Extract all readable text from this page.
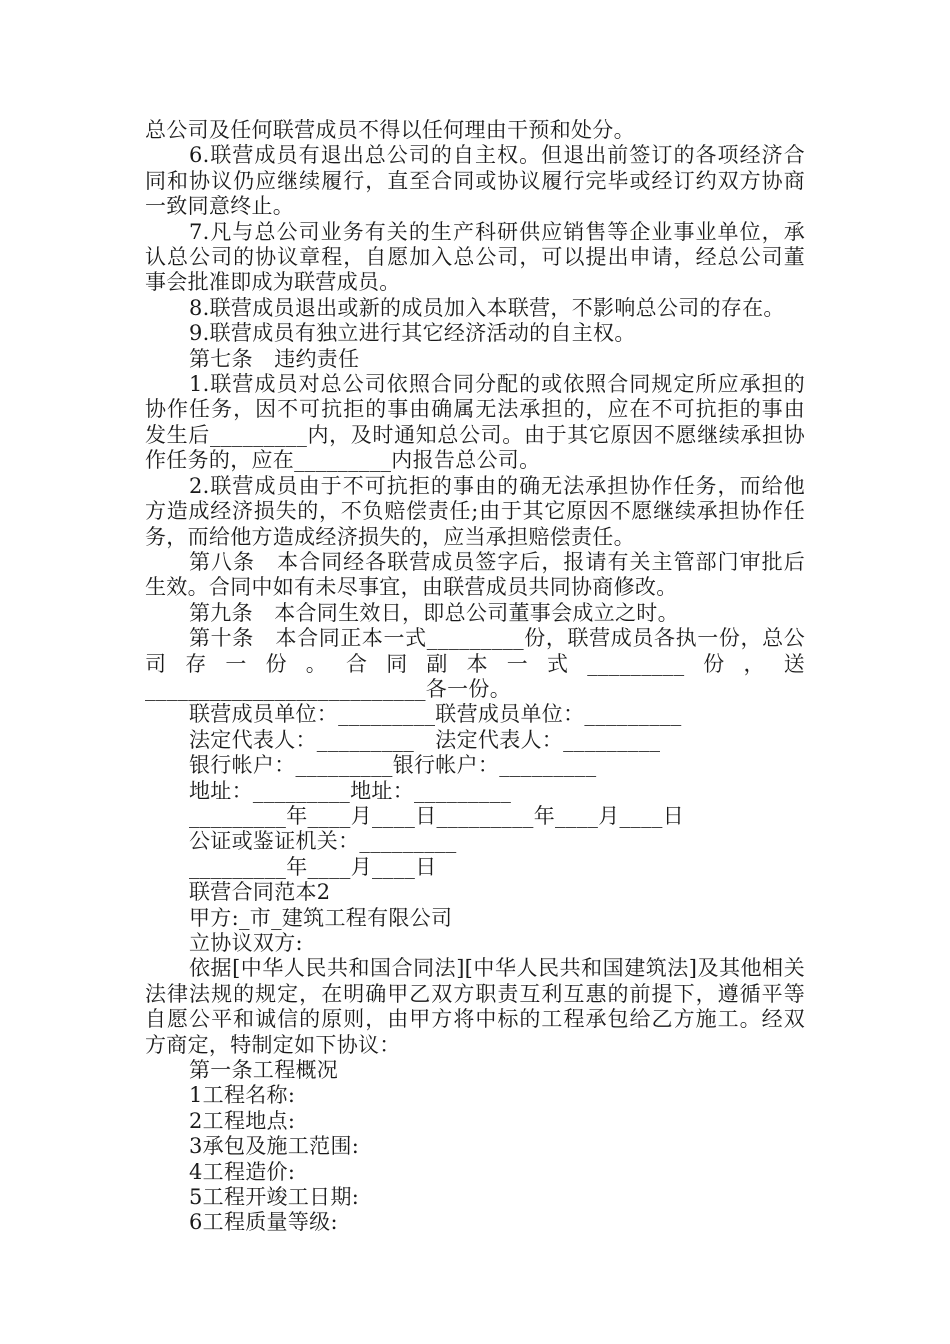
总公司及任何联营成员不得以任何理由干预和处分。

6.联营成员有退出总公司的自主权。但退出前签订的各项经济合同和协议仍应继续履行，直至合同或协议履行完毕或经订约双方协商一致同意终止。

7.凡与总公司业务有关的生产科研供应销售等企业事业单位，承认总公司的协议章程，自愿加入总公司，可以提出申请，经总公司董事会批准即成为联营成员。

8.联营成员退出或新的成员加入本联营，不影响总公司的存在。

9.联营成员有独立进行其它经济活动的自主权。

第七条　违约责任

1.联营成员对总公司依照合同分配的或依照合同规定所应承担的协作任务，因不可抗拒的事由确属无法承担的，应在不可抗拒的事由发生后_________内，及时通知总公司。由于其它原因不愿继续承担协作任务的，应在_________内报告总公司。

2.联营成员由于不可抗拒的事由的确无法承担协作任务，而给他方造成经济损失的，不负赔偿责任;由于其它原因不愿继续承担协作任务，而给他方造成经济损失的，应当承担赔偿责任。

第八条　本合同经各联营成员签字后，报请有关主管部门审批后生效。合同中如有未尽事宜，由联营成员共同协商修改。

第九条　本合同生效日，即总公司董事会成立之时。

第十条　本合同正本一式_________份，联营成员各执一份，总公司存一份。合同副本一式_________份，送__________________________各一份。

联营成员单位：_________联营成员单位：_________

法定代表人：_________　法定代表人：_________

银行帐户：_________银行帐户：_________

地址：_________地址：_________

_________年____月____日_________年____月____日

公证或鉴证机关：_________

_________年____月____日

联营合同范本2

甲方:_市_建筑工程有限公司

立协议双方:

依据[中华人民共和国合同法][中华人民共和国建筑法]及其他相关法律法规的规定，在明确甲乙双方职责互利互惠的前提下，遵循平等自愿公平和诚信的原则，由甲方将中标的工程承包给乙方施工。经双方商定，特制定如下协议：

第一条工程概况

1工程名称:

2工程地点:

3承包及施工范围:

4工程造价:

5工程开竣工日期:

6工程质量等级:
